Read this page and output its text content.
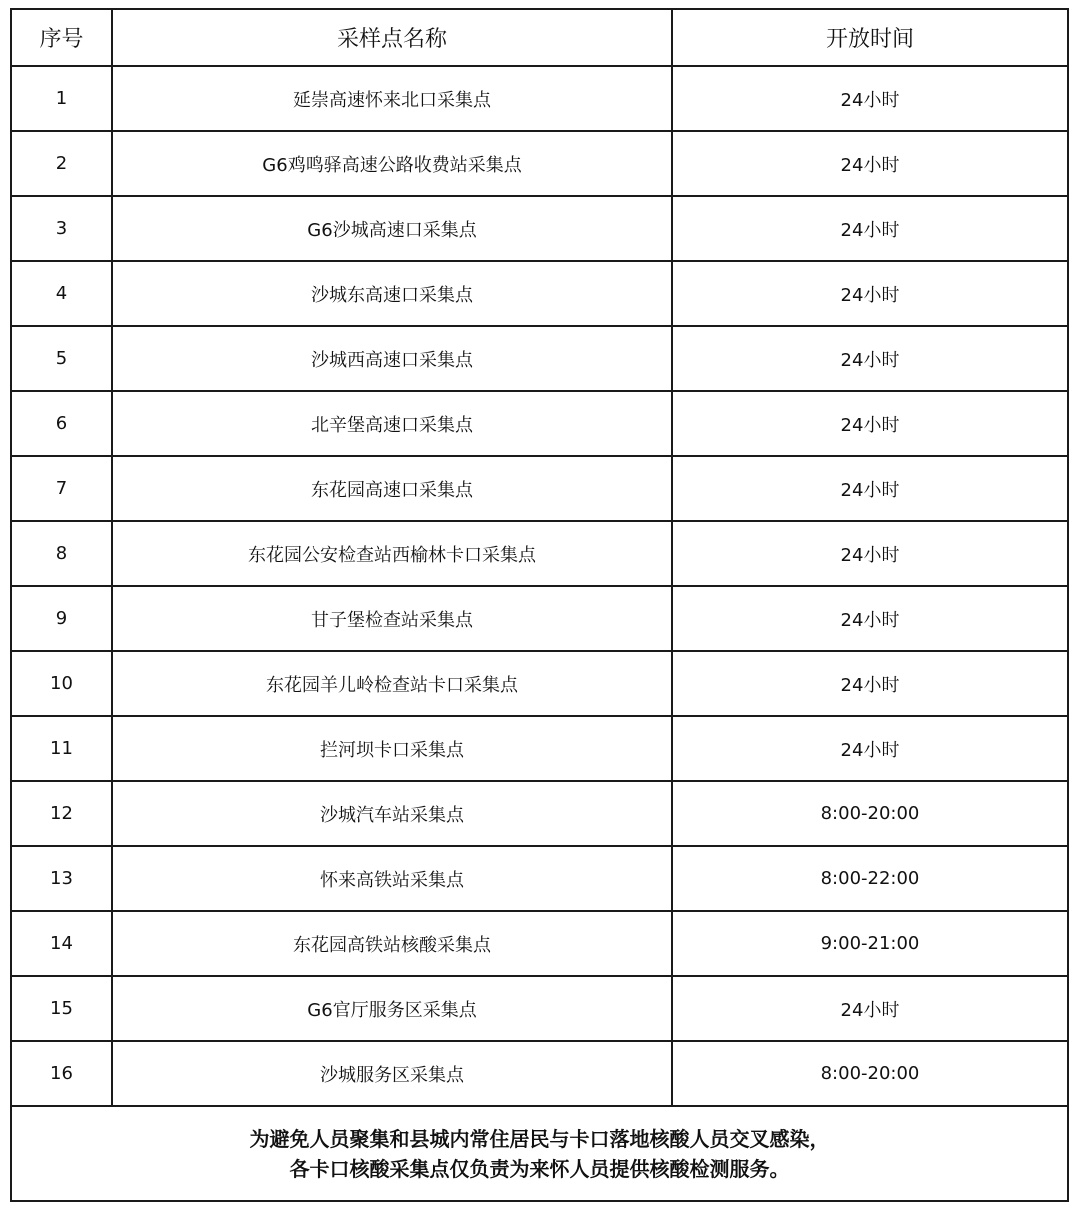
序号	采样点名称	开放时间
1	延崇高速怀来北口采集点	24小时
2	G6鸡鸣驿高速公路收费站采集点	24小时
3	G6沙城高速口采集点	24小时
4	沙城东高速口采集点	24小时
5	沙城西高速口采集点	24小时
6	北辛堡高速口采集点	24小时
7	东花园高速口采集点	24小时
8	东花园公安检查站西榆林卡口采集点	24小时
9	甘子堡检查站采集点	24小时
10	东花园羊儿岭检查站卡口采集点	24小时
11	拦河坝卡口采集点	24小时
12	沙城汽车站采集点	8:00-20:00
13	怀来高铁站采集点	8:00-22:00
14	东花园高铁站核酸采集点	9:00-21:00
15	G6官厅服务区采集点	24小时
16	沙城服务区采集点	8:00-20:00

为避免人员聚集和县城内常住居民与卡口落地核酸人员交叉感染，
各卡口核酸采集点仅负责为来怀人员提供核酸检测服务。		
